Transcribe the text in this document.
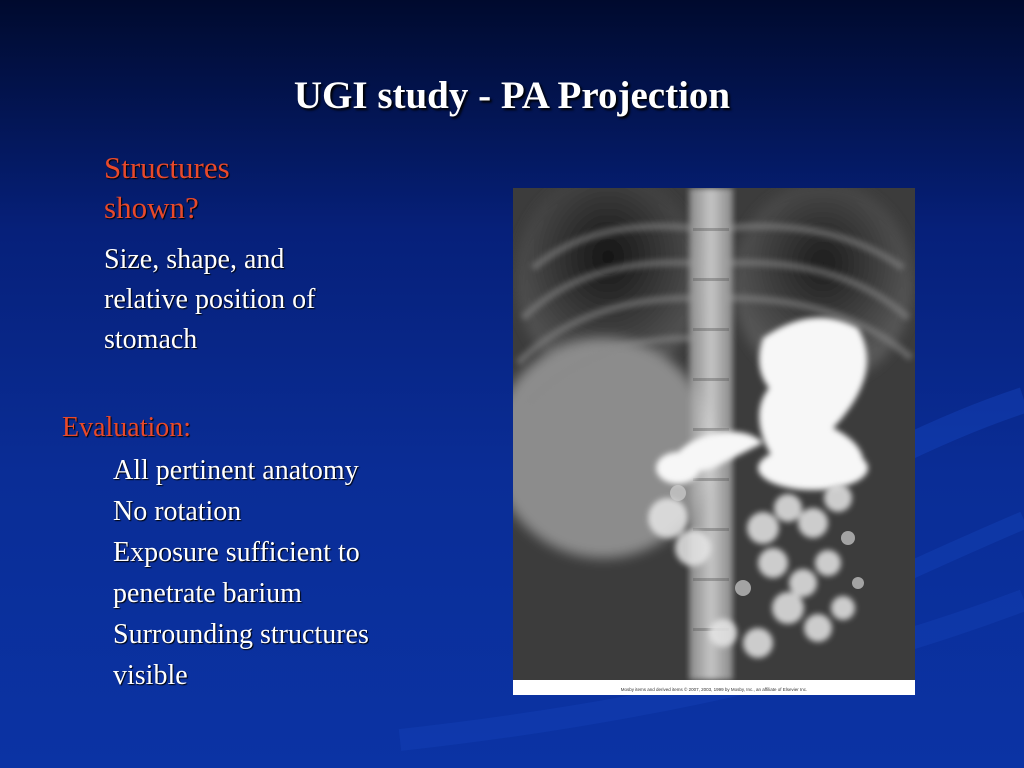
UGI study - PA Projection
Structures
shown?
Size, shape, and
relative position of
stomach
Evaluation:
All pertinent anatomy
No rotation
Exposure sufficient to
penetrate barium
Surrounding structures
visible	Mosby items and derived items © 2007, 2003, 1999 by Mosby, Inc., an affiliate of Elsevier Inc.
